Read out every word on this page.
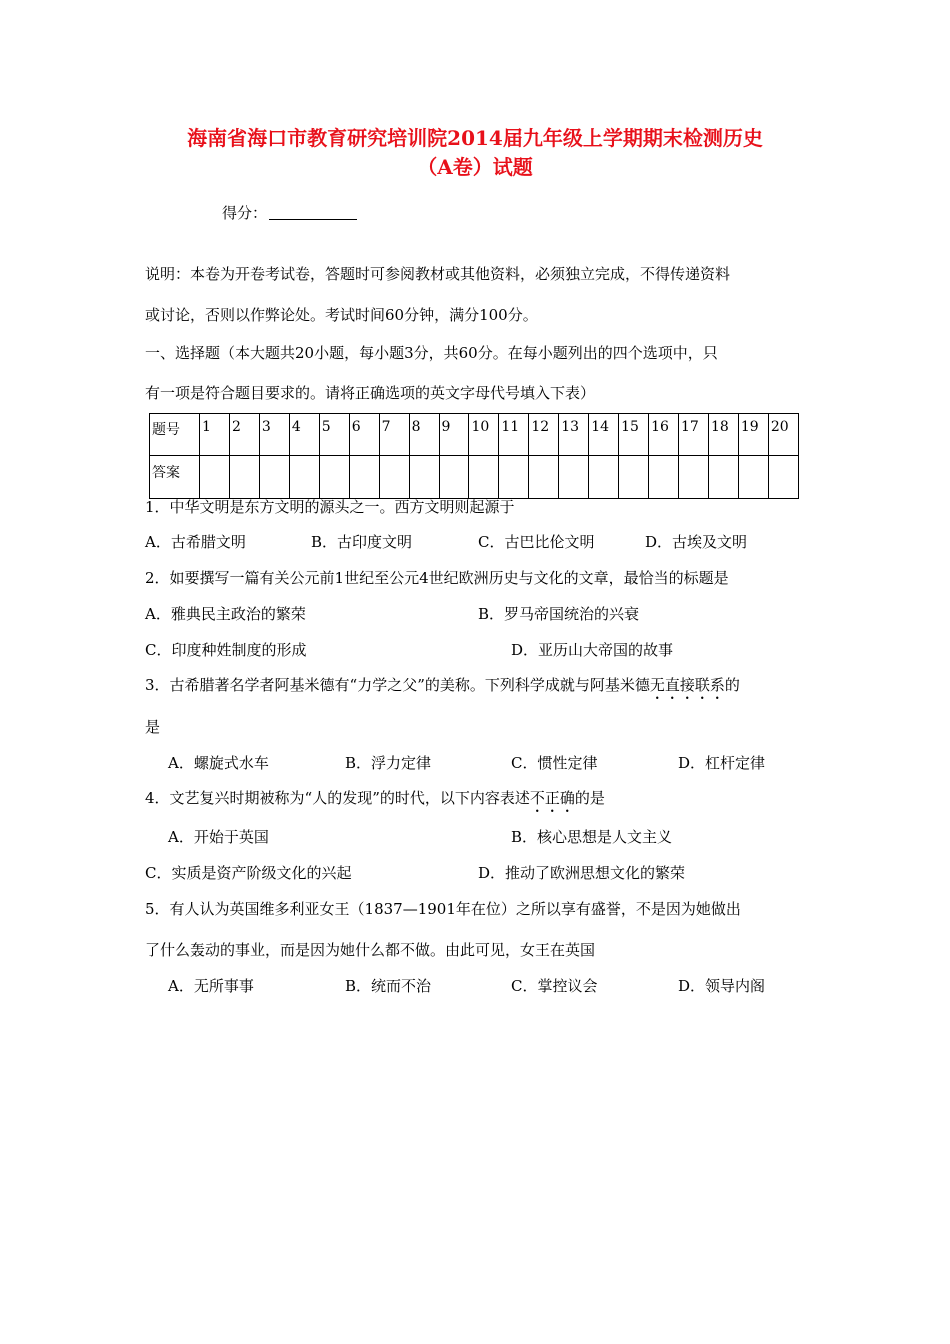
海南省海口市教育研究培训院2014届九年级上学期期末检测历史
（A卷）试题
得分：
说明：本卷为开卷考试卷，答题时可参阅教材或其他资料，必须独立完成，不得传递资料
或讨论，否则以作弊论处。考试时间60分钟，满分100分。
一、选择题（本大题共20小题，每小题3分，共60分。在每小题列出的四个选项中，只
有一项是符合题目要求的。请将正确选项的英文字母代号填入下表）
题号	1	2	3	4	5	6	7	8	9	10	11	12	13	14	15	16	17	18	19	20
答案																				
1．中华文明是东方文明的源头之一。西方文明则起源于
A．古希腊文明	B．古印度文明	C．古巴比伦文明	D．古埃及文明
2．如要撰写一篇有关公元前1世纪至公元4世纪欧洲历史与文化的文章，最恰当的标题是
A．雅典民主政治的繁荣	B．罗马帝国统治的兴衰
C．印度种姓制度的形成	D．亚历山大帝国的故事
3．古希腊著名学者阿基米德有“力学之父”的美称。下列科学成就与阿基米德无直接联系的
是
A．螺旋式水车	B．浮力定律	C．惯性定律	D．杠杆定律
4．文艺复兴时期被称为“人的发现”的时代，以下内容表述不正确的是
A．开始于英国	B．核心思想是人文主义
C．实质是资产阶级文化的兴起	D．推动了欧洲思想文化的繁荣
5．有人认为英国维多利亚女王（1837—1901年在位）之所以享有盛誉，不是因为她做出
了什么轰动的事业，而是因为她什么都不做。由此可见，女王在英国
A．无所事事	B．统而不治	C．掌控议会	D．领导内阁
